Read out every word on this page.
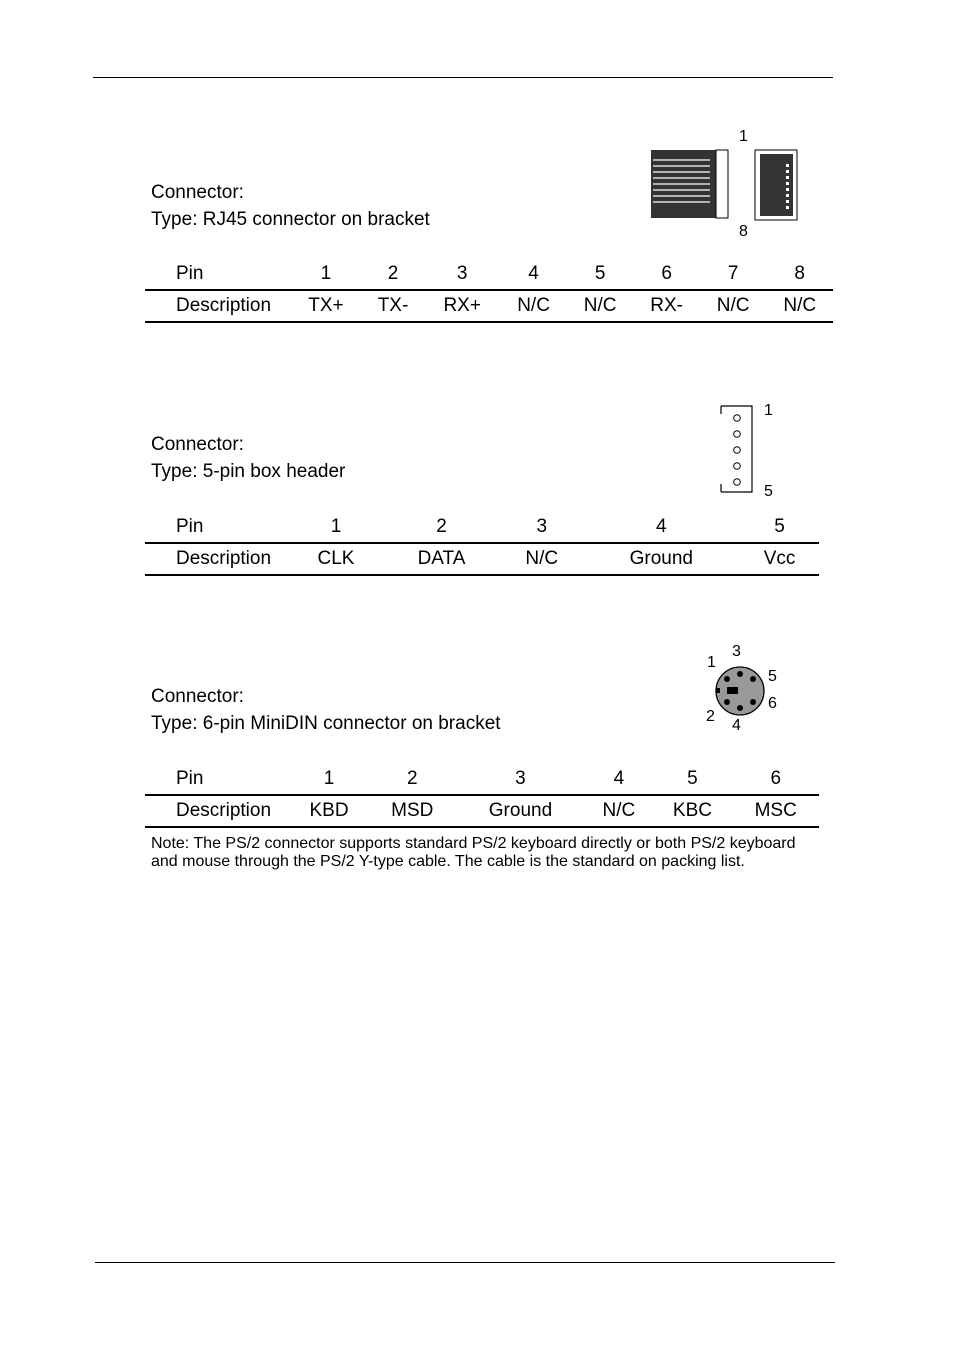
Connector:
Type: RJ45 connector on bracket
1
8
Pin	1	2	3	4	5	6	7	8
Description	TX+	TX-	RX+	N/C	N/C	RX-	N/C	N/C
Connector:
Type: 5-pin box header
1
5
Pin	1	2	3	4	5
Description	CLK	DATA	N/C	Ground	Vcc
Connector:
Type: 6-pin MiniDIN connector on bracket
1
2
3
4
5
6
Pin	1	2	3	4	5	6
Description	KBD	MSD	Ground	N/C	KBC	MSC
Note: The PS/2 connector supports standard PS/2 keyboard directly or both PS/2 keyboard and mouse through the PS/2 Y-type cable. The cable is the standard on packing list.
